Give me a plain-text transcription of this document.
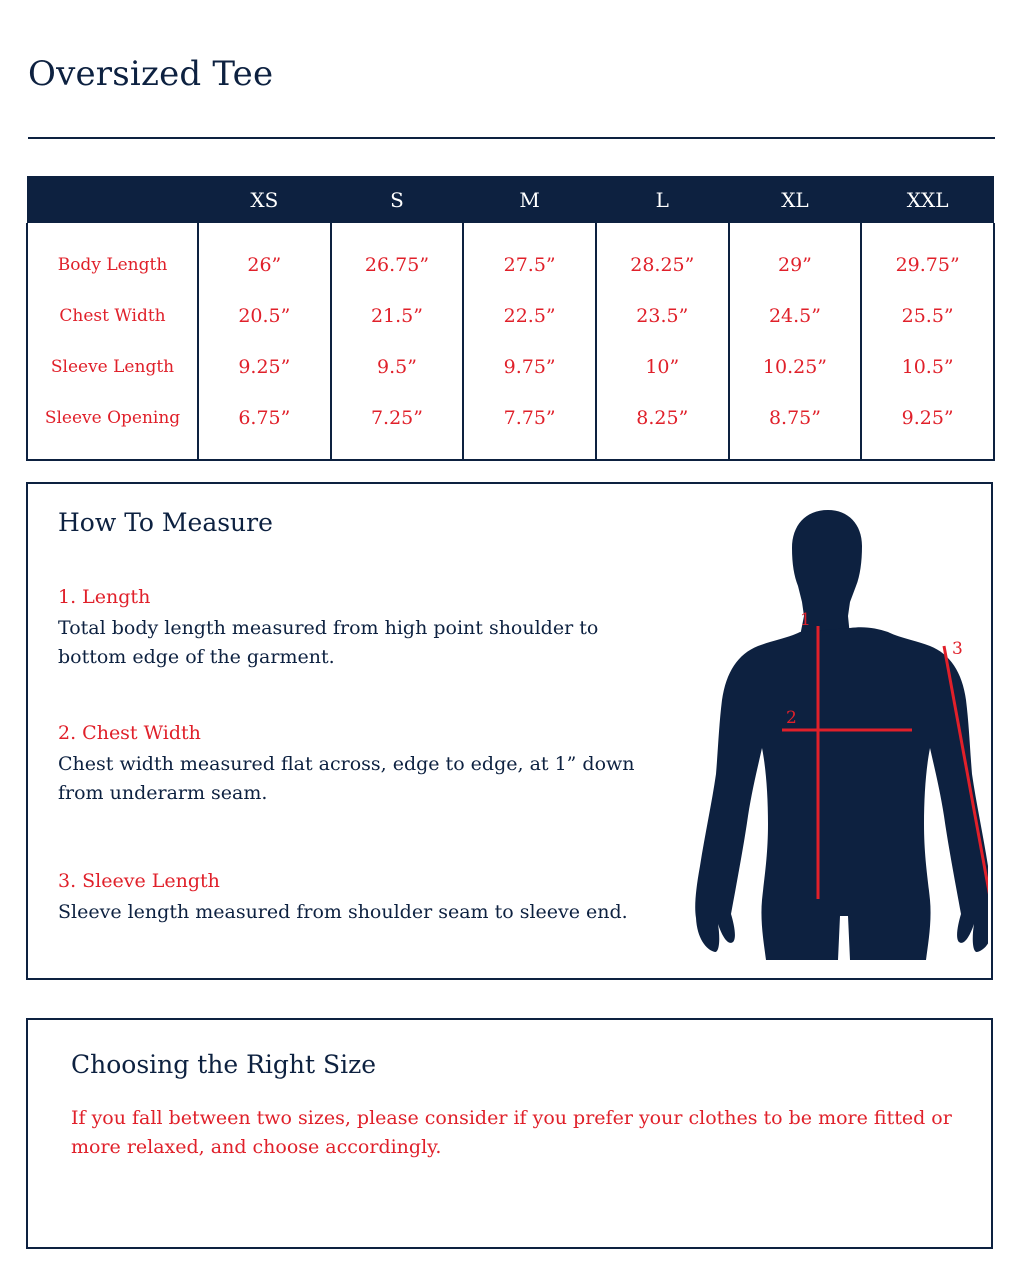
Oversized Tee
	XS	S	M	L	XL	XXL
Body Length	26”	26.75”	27.5”	28.25”	29”	29.75”
Chest Width	20.5”	21.5”	22.5”	23.5”	24.5”	25.5”
Sleeve Length	9.25”	9.5”	9.75”	10”	10.25”	10.5”
Sleeve Opening	6.75”	7.25”	7.75”	8.25”	8.75”	9.25”
How To Measure

1. Length

Total body length measured from high point shoulder to bottom edge of the garment.

2. Chest Width

Chest width measured flat across, edge to edge, at 1” down from underarm seam.

3. Sleeve Length

Sleeve length measured from shoulder seam to sleeve end.

1
2
3
Choosing the Right Size

If you fall between two sizes, please consider if you prefer your clothes to be more fitted or more relaxed, and choose accordingly.
